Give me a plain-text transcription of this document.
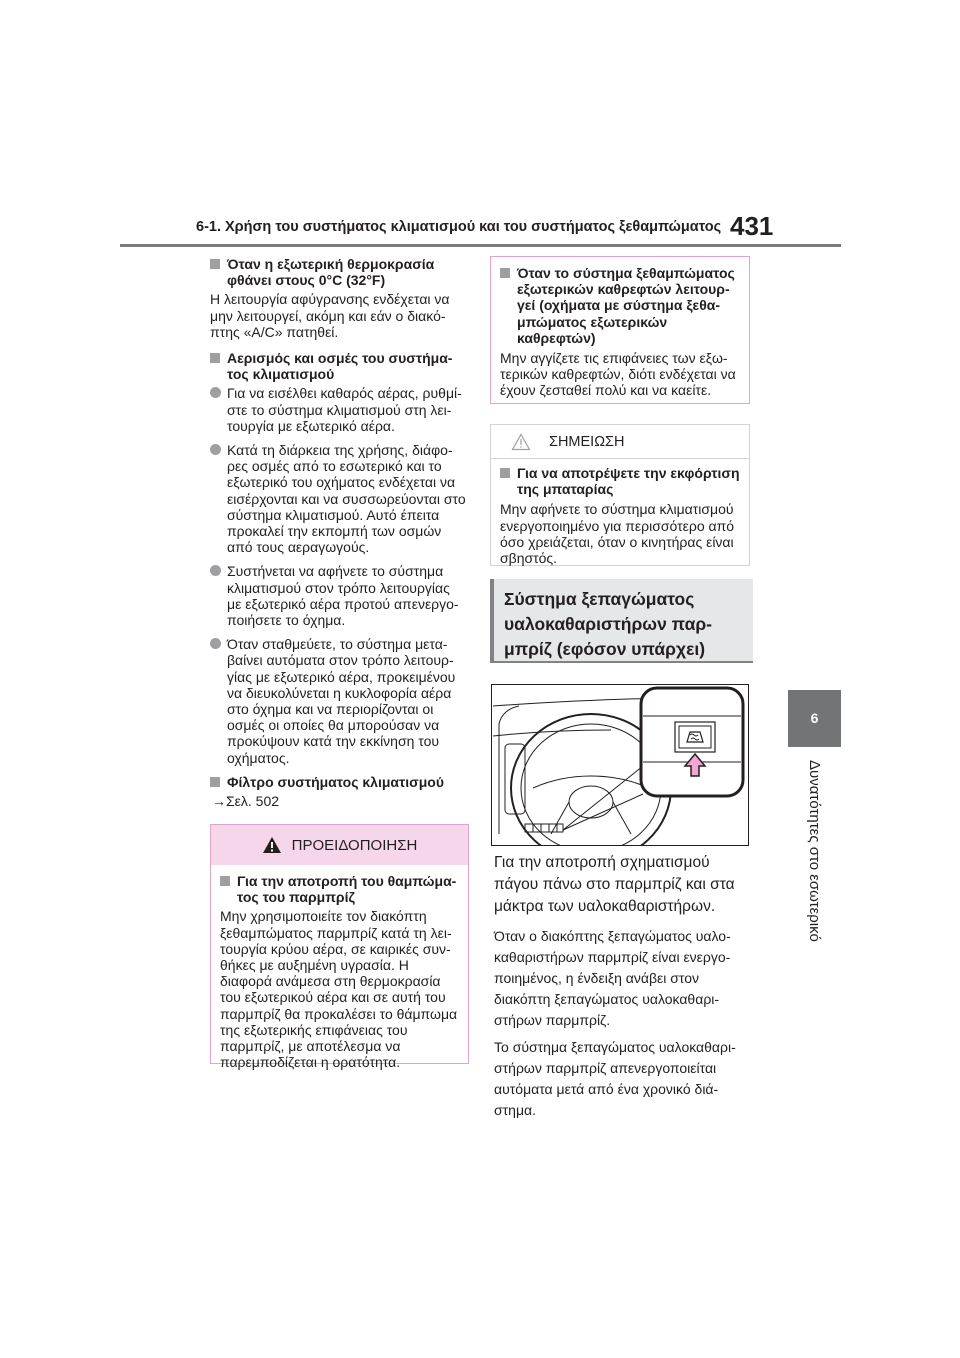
6-1. Χρήση του συστήματος κλιματισμού και του συστήματος ξεθαμπώματος 431
6
Δυνατότητες στο εσωτερικό
Όταν η εξωτερική θερμοκρασία φθάνει στους 0°C (32°F)
Η λειτουργία αφύγρανσης ενδέχεται να μην λειτουργεί, ακόμη και εάν ο διακό- πτης «A/C» πατηθεί.
Αερισμός και οσμές του συστήμα- τος κλιματισμού
Για να εισέλθει καθαρός αέρας, ρυθμί- στε το σύστημα κλιματισμού στη λει- τουργία με εξωτερικό αέρα.
Κατά τη διάρκεια της χρήσης, διάφο- ρες οσμές από το εσωτερικό και το εξωτερικό του οχήματος ενδέχεται να εισέρχονται και να συσσωρεύονται στο σύστημα κλιματισμού. Αυτό έπειτα προκαλεί την εκπομπή των οσμών από τους αεραγωγούς.
Συστήνεται να αφήνετε το σύστημα κλιματισμού στον τρόπο λειτουργίας με εξωτερικό αέρα προτού απενεργο- ποιήσετε το όχημα.
Όταν σταθμεύετε, το σύστημα μετα- βαίνει αυτόματα στον τρόπο λειτουρ- γίας με εξωτερικό αέρα, προκειμένου να διευκολύνεται η κυκλοφορία αέρα στο όχημα και να περιορίζονται οι οσμές οι οποίες θα μπορούσαν να προκύψουν κατά την εκκίνηση του οχήματος.
Φίλτρο συστήματος κλιματισμού
→Σελ. 502
ΠΡΟΕΙΔΟΠΟΙΗΣΗ
Για την αποτροπή του θαμπώμα- τος του παρμπρίζ
Μην χρησιμοποιείτε τον διακόπτη ξεθαμπώματος παρμπρίζ κατά τη λει- τουργία κρύου αέρα, σε καιρικές συν- θήκες με αυξημένη υγρασία. Η διαφορά ανάμεσα στη θερμοκρασία του εξωτερικού αέρα και σε αυτή του παρμπρίζ θα προκαλέσει το θάμπωμα της εξωτερικής επιφάνειας του παρμπρίζ, με αποτέλεσμα να παρεμποδίζεται η ορατότητα.
Όταν το σύστημα ξεθαμπώματος εξωτερικών καθρεφτών λειτουρ- γεί (οχήματα με σύστημα ξεθα- μπώματος εξωτερικών καθρεφτών)
Μην αγγίζετε τις επιφάνειες των εξω- τερικών καθρεφτών, διότι ενδέχεται να έχουν ζεσταθεί πολύ και να καείτε.
ΣΗΜΕΙΩΣΗ
Για να αποτρέψετε την εκφόρτιση της μπαταρίας
Μην αφήνετε το σύστημα κλιματισμού ενεργοποιημένο για περισσότερο από όσο χρειάζεται, όταν ο κινητήρας είναι σβηστός.
Σύστημα ξεπαγώματος υαλοκαθαριστήρων παρ- μπρίζ (εφόσον υπάρχει)
Για την αποτροπή σχηματισμού πάγου πάνω στο παρμπρίζ και στα μάκτρα των υαλοκαθαριστήρων.
Όταν ο διακόπτης ξεπαγώματος υαλο- καθαριστήρων παρμπρίζ είναι ενεργο- ποιημένος, η ένδειξη ανάβει στον διακόπτη ξεπαγώματος υαλοκαθαρι- στήρων παρμπρίζ.
Το σύστημα ξεπαγώματος υαλοκαθαρι- στήρων παρμπρίζ απενεργοποιείται αυτόματα μετά από ένα χρονικό διά- στημα.
